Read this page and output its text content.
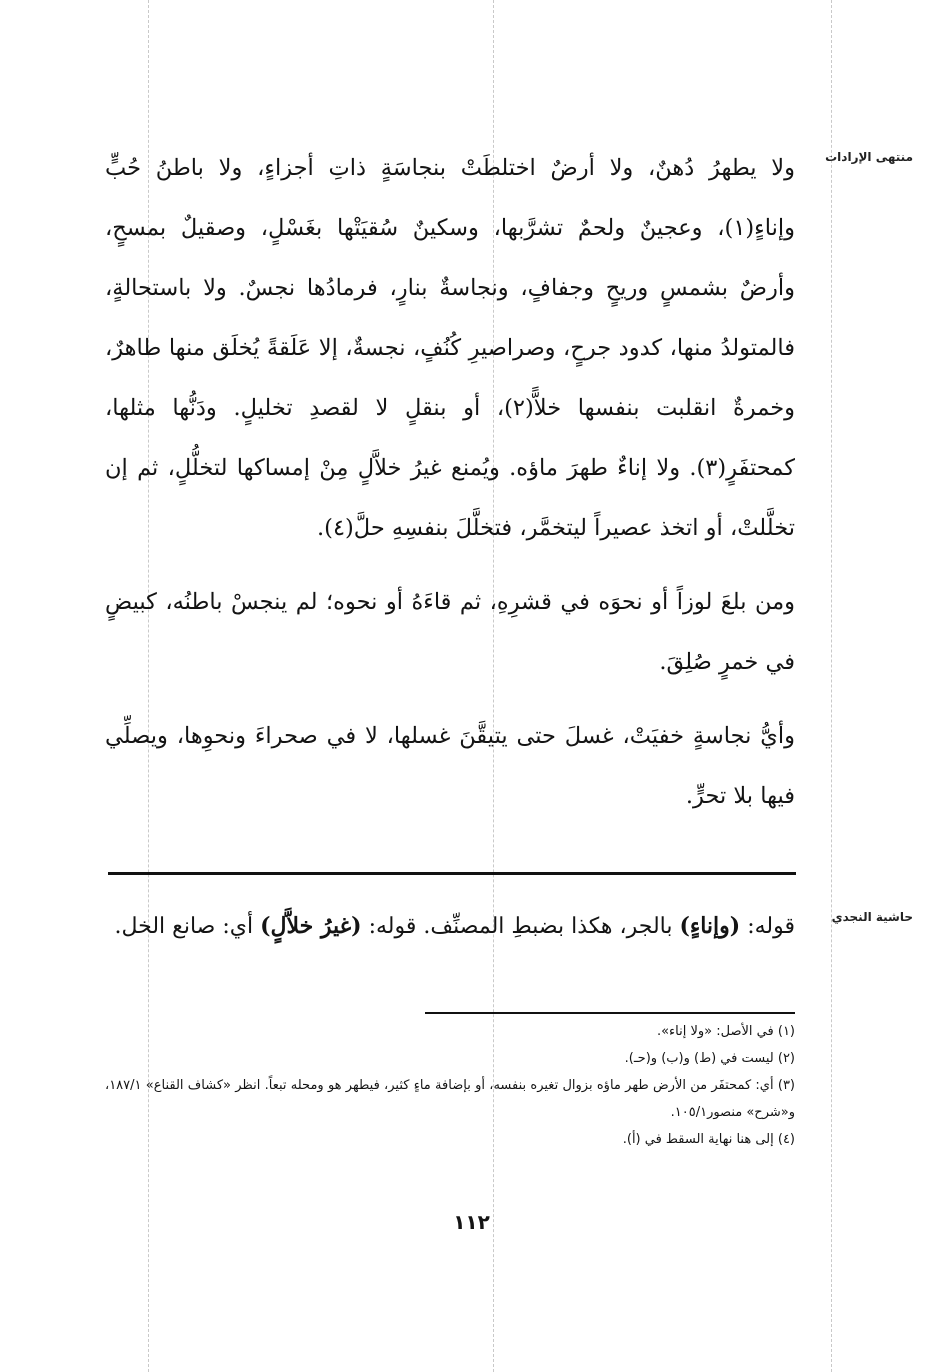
منتهى الإرادات
حاشية النجدي

ولا يطهرُ دُهنٌ، ولا أرضٌ اختلطَتْ بنجاسَةٍ ذاتِ أجزاءٍ، ولا باطنُ حُبٍّ وإناءٍ(١)، وعجينٌ ولحمٌ تشرَّبها، وسكينٌ سُقيَتْها بغَسْلٍ، وصقيلٌ بمسحٍ، وأرضٌ بشمسٍ وريحٍ وجفافٍ، ونجاسةٌ بنارٍ، فرمادُها نجسٌ. ولا باستحالةٍ، فالمتولدُ منها، كدود جرحٍ، وصراصيرِ كُنُفٍ، نجسةٌ، إلا عَلَقةً يُخلَق منها طاهرٌ، وخمرةٌ انقلبت بنفسها خلاًّ(٢)، أو بنقلٍ لا لقصدِ تخليلٍ. ودَنُّها مثلها، كمحتفَرٍ(٣). ولا إناءٌ طهرَ ماؤه. ويُمنع غيرُ خلاَّلٍ مِنْ إمساكها لتخلُّلٍ، ثم إن تخلَّلتْ، أو اتخذ عصيراً ليتخمَّر، فتخلَّلَ بنفسِهِ حلَّ(٤).

ومن بلعَ لوزاً أو نحوَه في قشرِهِ، ثم قاءَهُ أو نحوه؛ لم ينجسْ باطنُه، كبيضٍ في خمرٍ صُلِقَ.

وأيُّ نجاسةٍ خفيَتْ، غسلَ حتى يتيقَّنَ غسلها، لا في صحراءَ ونحوِها، ويصلِّي فيها بلا تحرٍّ.

قوله: (وإناءٍ) بالجر، هكذا بضبطِ المصنِّف. قوله: (غيرُ خلاَّلٍ) أي: صانع الخل.

(١) في الأصل: «ولا إناء».

(٢) ليست في (ط) و(ب) و(حـ).

(٣) أي: كمحتفَر من الأرض طهر ماؤه بزوال تغيره بنفسه، أو بإضافة ماءٍ كثير، فيطهر هو ومحله تبعاً. انظر «كشاف القناع» ١٨٧/١، و«شرح» منصور١٠٥/١.

(٤) إلى هنا نهاية السقط في (أ).

١١٢
